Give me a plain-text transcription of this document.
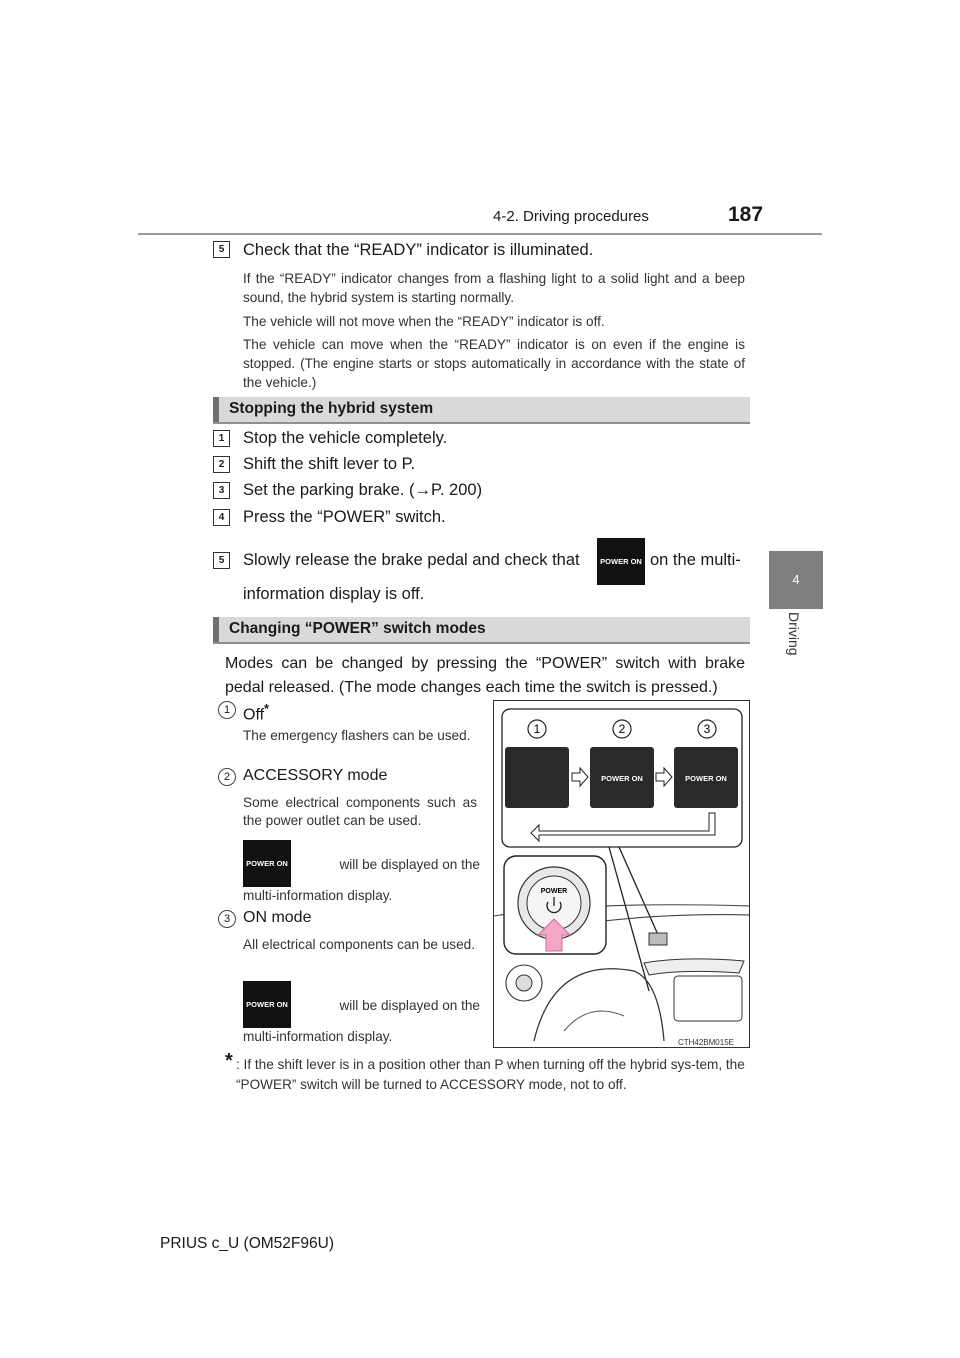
4-2. Driving procedures	187
4
Driving
5	Check that the “READY” indicator is illuminated.
If the “READY” indicator changes from a flashing light to a solid light and a beep sound, the hybrid system is starting normally.
The vehicle will not move when the “READY” indicator is off.
The vehicle can move when the “READY” indicator is on even if the engine is stopped. (The engine starts or stops automatically in accordance with the state of the vehicle.)
Stopping the hybrid system
1	Stop the vehicle completely.
2	Shift the shift lever to P.
3	Set the parking brake. (→P. 200)
4	Press the “POWER” switch.
5	Slowly release the brake pedal and check that	POWER ON on the multi-
information display is off.
Changing “POWER” switch modes
Modes can be changed by pressing the “POWER” switch with brake pedal released. (The mode changes each time the switch is pressed.)
1 Off*
The emergency flashers can be used.
2 ACCESSORY mode
Some electrical components such as the power outlet can be used.
POWER ON	will be displayed on the
multi-information display.
3 ON mode
All electrical components can be used.
POWER ON	will be displayed on the
multi-information display.
* : If the shift lever is in a position other than P when turning off the hybrid sys-tem, the “POWER” switch will be turned to ACCESSORY mode, not to off.
1	2	3
POWER ON	POWER ON
POWER
CTH42BM015E
PRIUS c_U (OM52F96U)
